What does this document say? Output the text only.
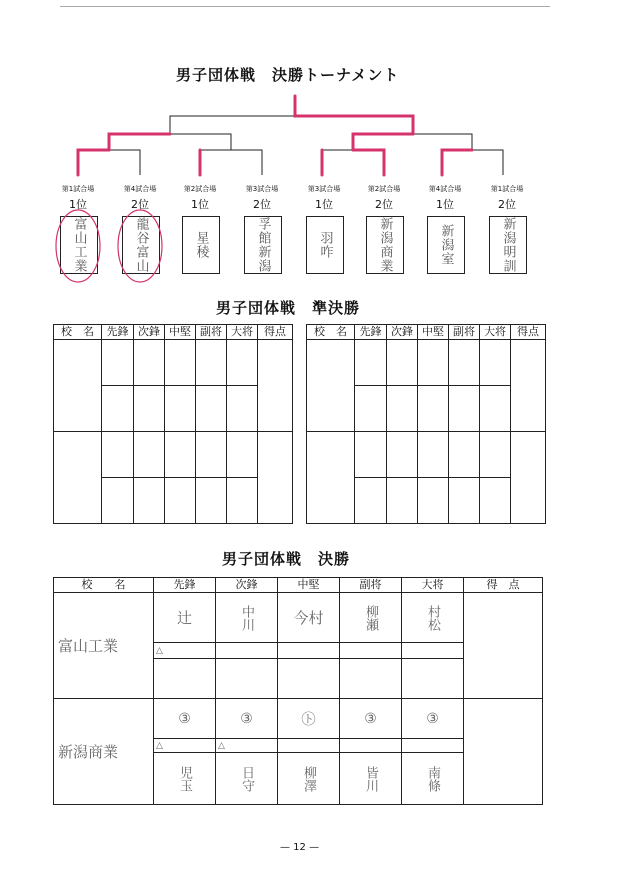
男子団体戦　決勝トーナメント
第1試合場
1位
富山工業
第4試合場
2位
龍谷富山
第2試合場
1位
星稜
第3試合場
2位
孚館新潟
第3試合場
1位
羽咋
第2試合場
2位
新潟商業
第4試合場
1位
新潟室
第1試合場
2位
新潟明訓
男子団体戦　準決勝
校　名	先鋒	次鋒	中堅	副将	大将	得点

					校　名	先鋒	次鋒	中堅	副将	大将	得点

男子団体戦　決勝
校　　名	先鋒	次鋒	中堅	副将	大将	得　点
富山工業	辻	中川	今村	柳瀬	村松	
	△					

新潟商業	③	③	㋣	③	③	
	△	△				
	児玉	日守	柳澤	皆川	南條	
— 12 —
